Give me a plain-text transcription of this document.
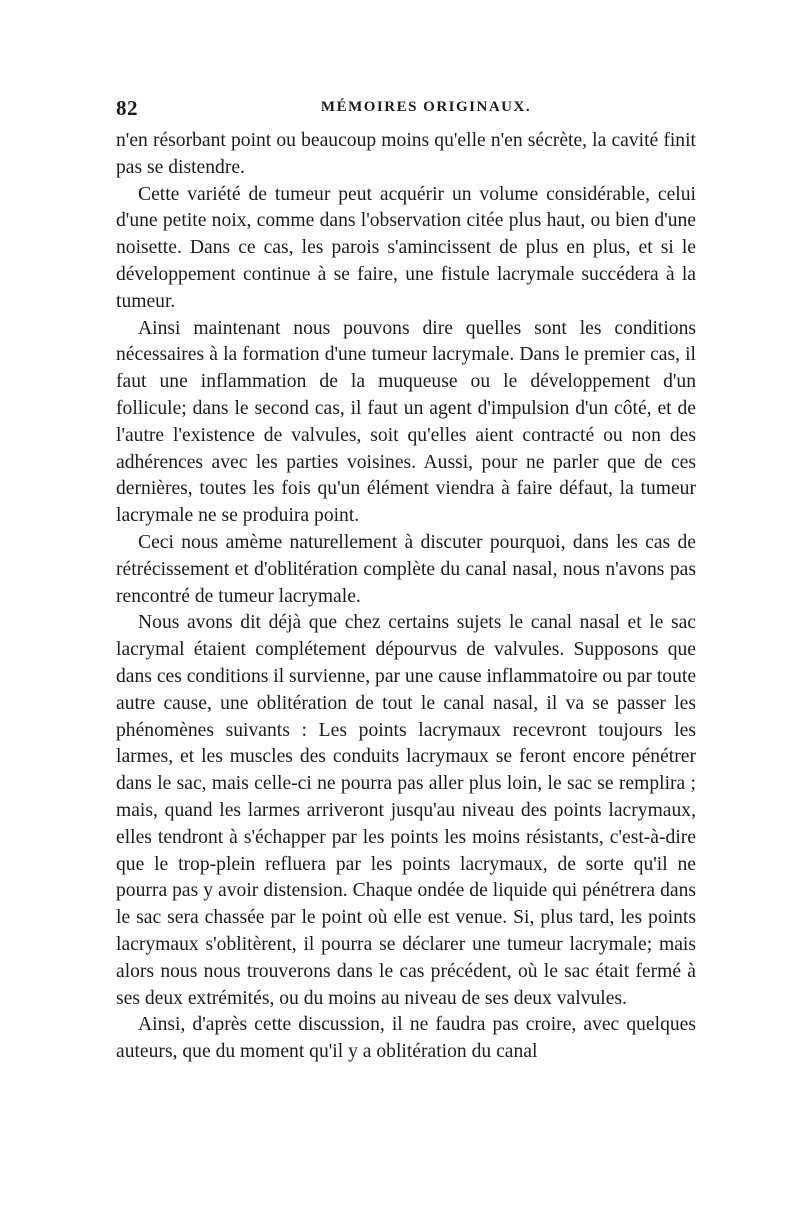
82	MÉMOIRES ORIGINAUX.

n'en résorbant point ou beaucoup moins qu'elle n'en sécrète, la cavité finit pas se distendre.

Cette variété de tumeur peut acquérir un volume considérable, celui d'une petite noix, comme dans l'observation citée plus haut, ou bien d'une noisette. Dans ce cas, les parois s'amincissent de plus en plus, et si le développement continue à se faire, une fistule lacrymale succédera à la tumeur.

Ainsi maintenant nous pouvons dire quelles sont les conditions nécessaires à la formation d'une tumeur lacrymale. Dans le premier cas, il faut une inflammation de la muqueuse ou le développement d'un follicule; dans le second cas, il faut un agent d'impulsion d'un côté, et de l'autre l'existence de valvules, soit qu'elles aient contracté ou non des adhérences avec les parties voisines. Aussi, pour ne parler que de ces dernières, toutes les fois qu'un élément viendra à faire défaut, la tumeur lacrymale ne se produira point.

Ceci nous amème naturellement à discuter pourquoi, dans les cas de rétrécissement et d'oblitération complète du canal nasal, nous n'avons pas rencontré de tumeur lacrymale.

Nous avons dit déjà que chez certains sujets le canal nasal et le sac lacrymal étaient complétement dépourvus de valvules. Supposons que dans ces conditions il survienne, par une cause inflammatoire ou par toute autre cause, une oblitération de tout le canal nasal, il va se passer les phénomènes suivants : Les points lacrymaux recevront toujours les larmes, et les muscles des conduits lacrymaux se feront encore pénétrer dans le sac, mais celle-ci ne pourra pas aller plus loin, le sac se remplira ; mais, quand les larmes arriveront jusqu'au niveau des points lacrymaux, elles tendront à s'échapper par les points les moins résistants, c'est-à-dire que le trop-plein refluera par les points lacrymaux, de sorte qu'il ne pourra pas y avoir distension. Chaque ondée de liquide qui pénétrera dans le sac sera chassée par le point où elle est venue. Si, plus tard, les points lacrymaux s'oblitèrent, il pourra se déclarer une tumeur lacrymale; mais alors nous nous trouverons dans le cas précédent, où le sac était fermé à ses deux extrémités, ou du moins au niveau de ses deux valvules.

Ainsi, d'après cette discussion, il ne faudra pas croire, avec quelques auteurs, que du moment qu'il y a oblitération du canal
